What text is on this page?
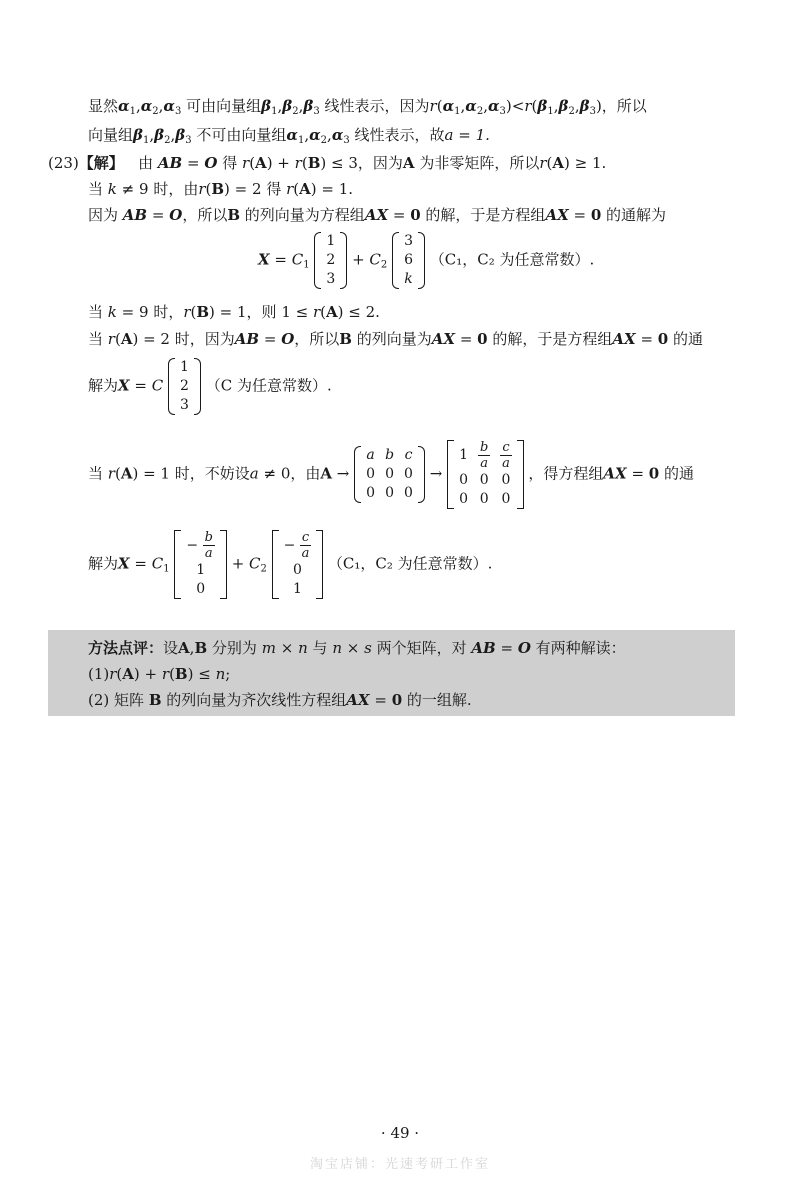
显然$\alpha_1,\alpha_2,\alpha_3$ 可由向量组$\beta_1,\beta_2,\beta_3$ 线性表示，因为$r(\alpha_1,\alpha_2,\alpha_3)<r(\beta_1,\beta_2,\beta_3)$，所以
向量组$\beta_1,\beta_2,\beta_3$ 不可由向量组$\alpha_1,\alpha_2,\alpha_3$ 线性表示，故a = 1.
(23)【解】 由 AB = O 得 r(A) + r(B) ≤ 3，因为A 为非零矩阵，所以r(A) ≥ 1.
当 k ≠ 9 时，由r(B) = 2 得 r(A) = 1.
因为 AB = O，所以B 的列向量为方程组AX = 0 的解，于是方程组AX = 0 的通解为
$X = C_1$
1
2
3
+ $C_2$
3
6
k
（C₁，C₂ 为任意常数）.
当 k = 9 时，r(B) = 1，则 1 ≤ r(A) ≤ 2.
当 r(A) = 2 时，因为AB = O，所以B 的列向量为AX = 0 的解，于是方程组AX = 0 的通
解为X = C
1
2
3
（C 为任意常数）.
当 r(A) = 1 时，不妨设a ≠ 0，由A →
a	b	c
0	0	0
0	0	0
→
1	$\frac{b}{a}$	$\frac{c}{a}$

0	0	0
0	0	0
，得方程组AX = 0 的通
解为$X = C_1$
− $\frac{b}{a}$

1
0
+ $C_2$
− $\frac{c}{a}$

0
1
（C₁，C₂ 为任意常数）.
方法点评：设A,B 分别为 m × n 与 n × s 两个矩阵，对 AB = O 有两种解读：
(1)r(A) + r(B) ≤ n;
(2) 矩阵 B 的列向量为齐次线性方程组AX = 0 的一组解.
· 49 ·
淘宝店铺：光速考研工作室
